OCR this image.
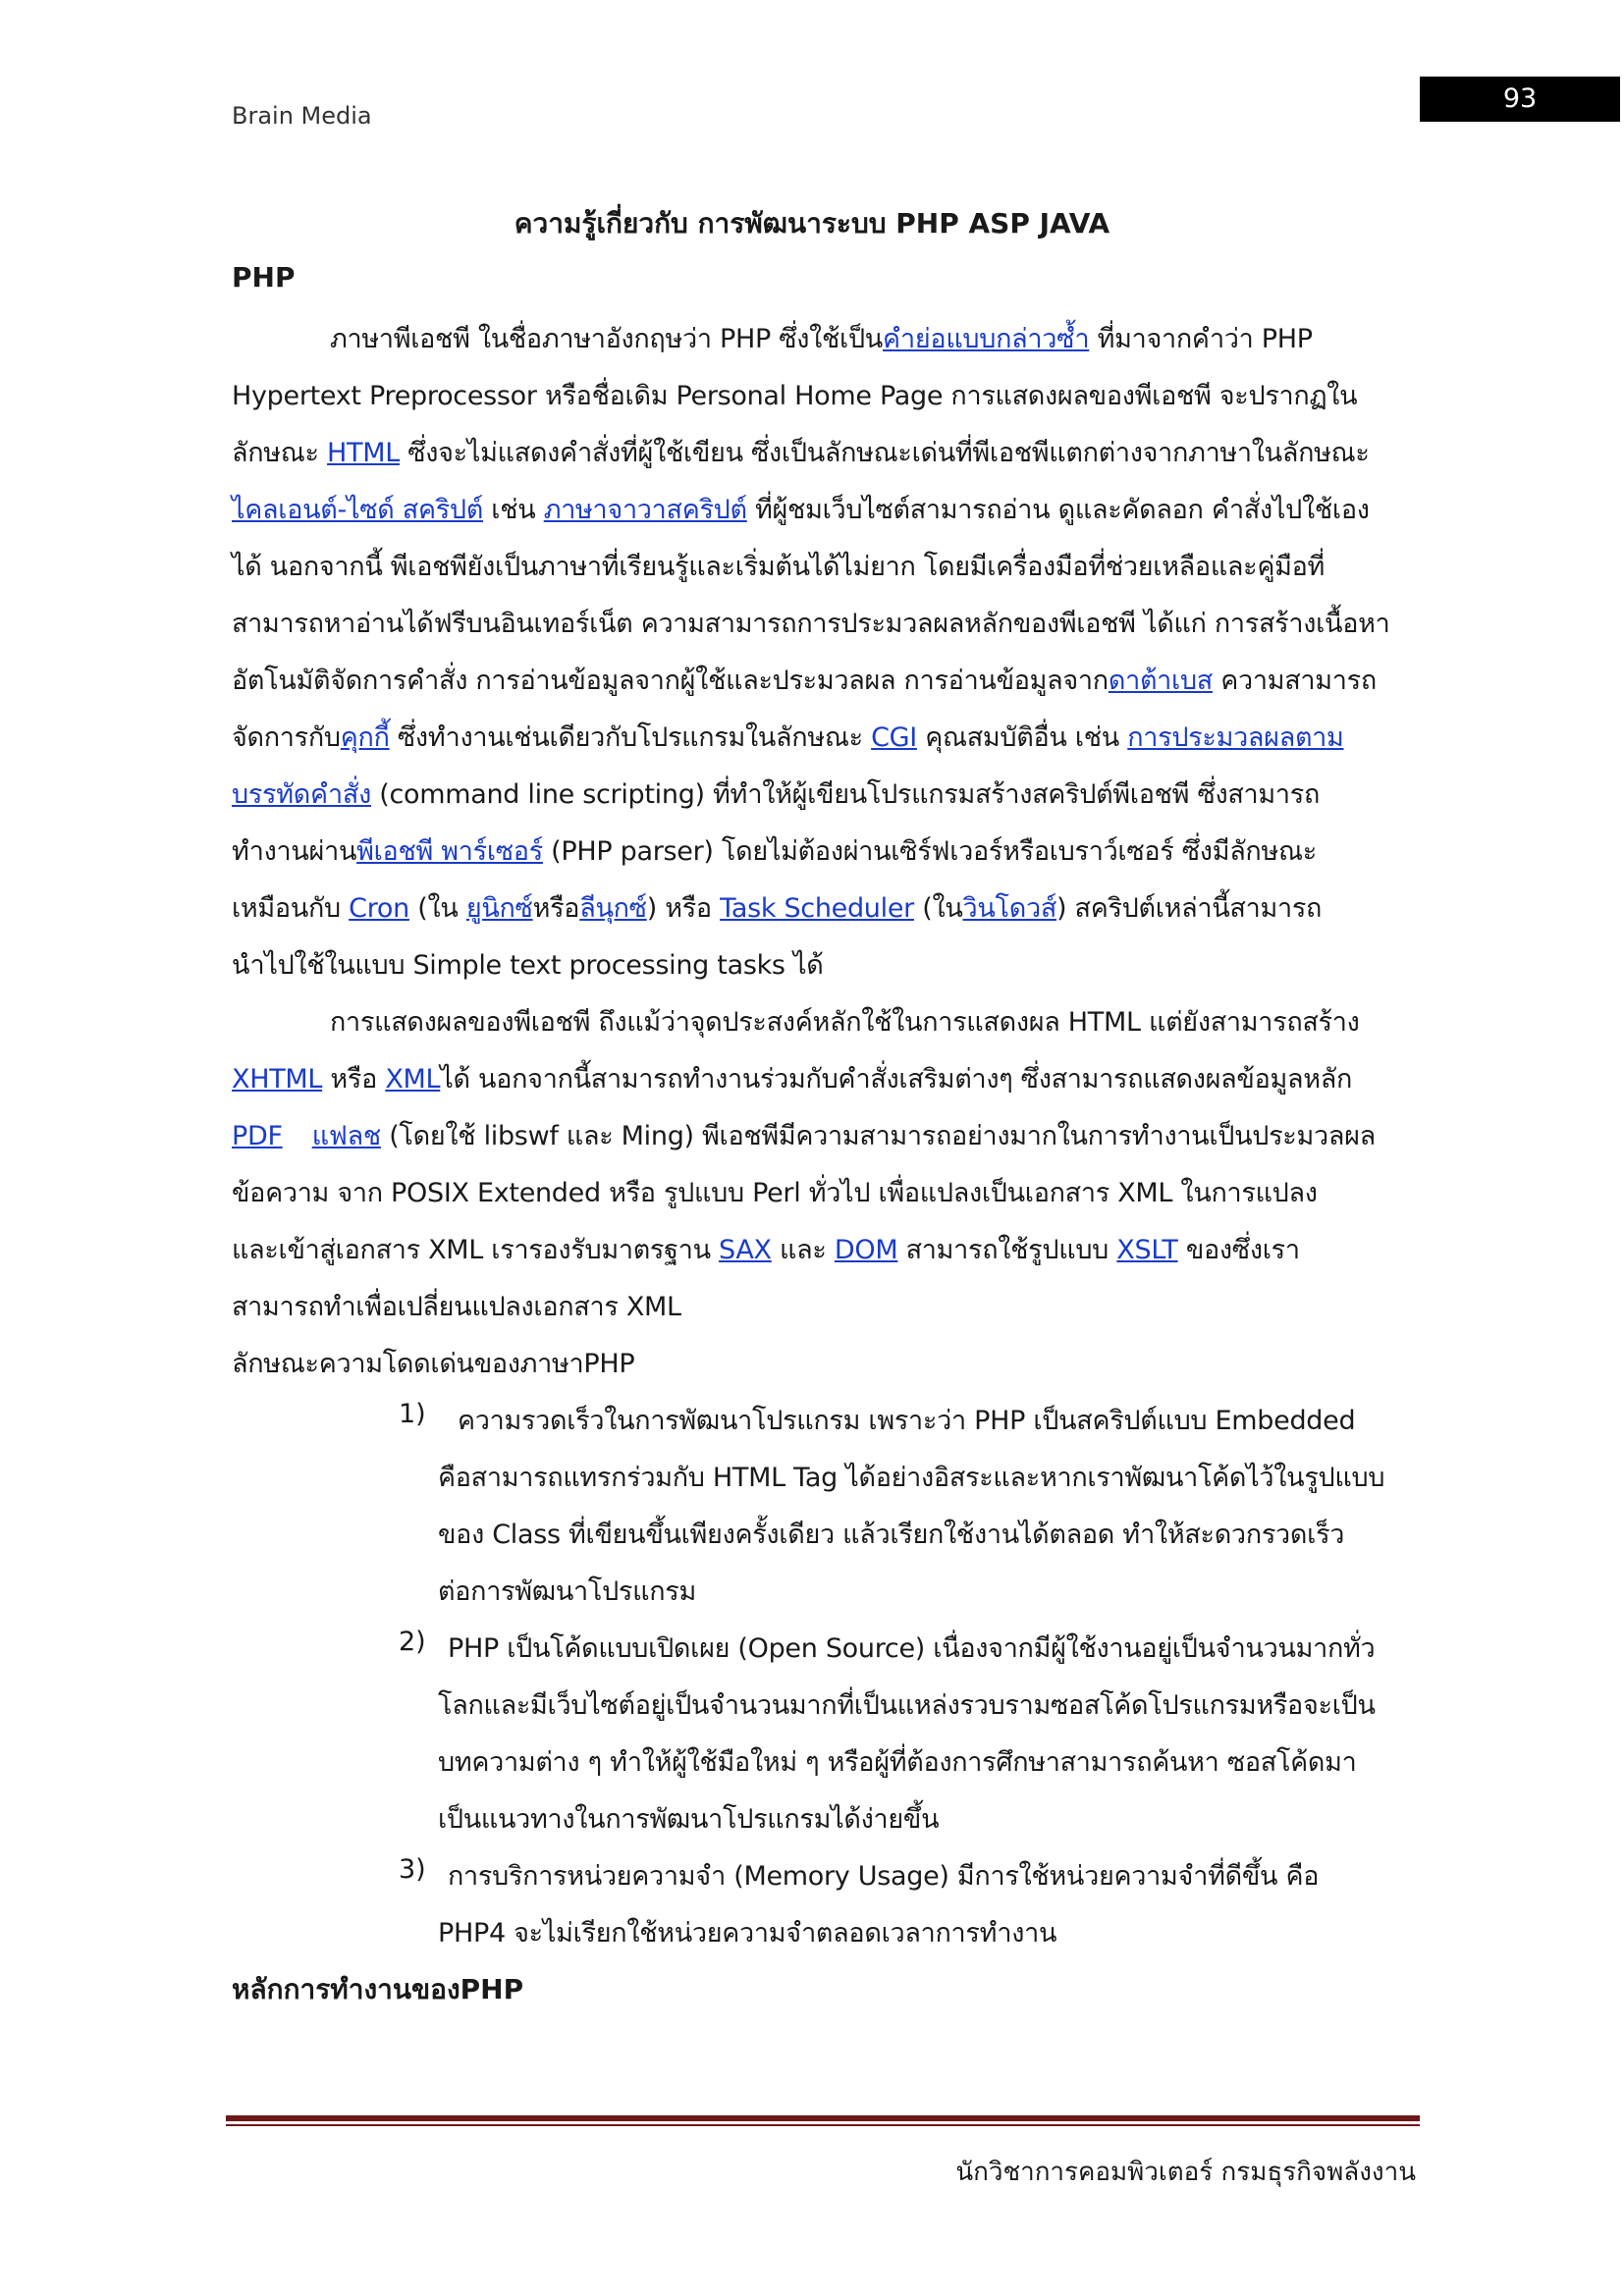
Brain Media
93
ความรู้เกี่ยวกับ การพัฒนาระบบ PHP ASP JAVA
PHP
ภาษาพีเอชพี ในชื่อภาษาอังกฤษว่า PHP ซึ่งใช้เป็นคำย่อแบบกล่าวซ้ำ ที่มาจากคำว่า PHP
Hypertext Preprocessor หรือชื่อเดิม Personal Home Page การแสดงผลของพีเอชพี จะปรากฏใน
ลักษณะ HTML ซึ่งจะไม่แสดงคำสั่งที่ผู้ใช้เขียน ซึ่งเป็นลักษณะเด่นที่พีเอชพีแตกต่างจากภาษาในลักษณะ
ไคลเอนต์-ไซด์ สคริปต์ เช่น ภาษาจาวาสคริปต์ ที่ผู้ชมเว็บไซต์สามารถอ่าน ดูและคัดลอก คำสั่งไปใช้เอง
ได้ นอกจากนี้ พีเอชพียังเป็นภาษาที่เรียนรู้และเริ่มต้นได้ไม่ยาก โดยมีเครื่องมือที่ช่วยเหลือและคู่มือที่
สามารถหาอ่านได้ฟรีบนอินเทอร์เน็ต ความสามารถการประมวลผลหลักของพีเอชพี ได้แก่ การสร้างเนื้อหา
อัตโนมัติจัดการคำสั่ง การอ่านข้อมูลจากผู้ใช้และประมวลผล การอ่านข้อมูลจากดาต้าเบส ความสามารถ
จัดการกับคุกกี้ ซึ่งทำงานเช่นเดียวกับโปรแกรมในลักษณะ CGI คุณสมบัติอื่น เช่น การประมวลผลตาม
บรรทัดคำสั่ง (command line scripting) ที่ทำให้ผู้เขียนโปรแกรมสร้างสคริปต์พีเอชพี ซึ่งสามารถ
ทำงานผ่านพีเอชพี พาร์เซอร์ (PHP parser) โดยไม่ต้องผ่านเซิร์ฟเวอร์หรือเบราว์เซอร์ ซึ่งมีลักษณะ
เหมือนกับ Cron (ใน ยูนิกซ์หรือลีนุกซ์) หรือ Task Scheduler (ในวินโดวส์) สคริปต์เหล่านี้สามารถ
นำไปใช้ในแบบ Simple text processing tasks ได้
การแสดงผลของพีเอชพี ถึงแม้ว่าจุดประสงค์หลักใช้ในการแสดงผล HTML แต่ยังสามารถสร้าง
XHTML หรือ XMLได้ นอกจากนี้สามารถทำงานร่วมกับคำสั่งเสริมต่างๆ ซึ่งสามารถแสดงผลข้อมูลหลัก
PDF แฟลช (โดยใช้ libswf และ Ming) พีเอชพีมีความสามารถอย่างมากในการทำงานเป็นประมวลผล
ข้อความ จาก POSIX Extended หรือ รูปแบบ Perl ทั่วไป เพื่อแปลงเป็นเอกสาร XML ในการแปลง
และเข้าสู่เอกสาร XML เรารองรับมาตรฐาน SAX และ DOM สามารถใช้รูปแบบ XSLT ของซึ่งเรา
สามารถทำเพื่อเปลี่ยนแปลงเอกสาร XML
ลักษณะความโดดเด่นของภาษาPHP
1) ความรวดเร็วในการพัฒนาโปรแกรม เพราะว่า PHP เป็นสคริปต์แบบ Embedded
คือสามารถแทรกร่วมกับ HTML Tag ได้อย่างอิสระและหากเราพัฒนาโค้ดไว้ในรูปแบบ
ของ Class ที่เขียนขึ้นเพียงครั้งเดียว แล้วเรียกใช้งานได้ตลอด ทำให้สะดวกรวดเร็ว
ต่อการพัฒนาโปรแกรม
2) PHP เป็นโค้ดแบบเปิดเผย (Open Source) เนื่องจากมีผู้ใช้งานอยู่เป็นจำนวนมากทั่ว
โลกและมีเว็บไซต์อยู่เป็นจำนวนมากที่เป็นแหล่งรวบรามซอสโค้ดโปรแกรมหรือจะเป็น
บทความต่าง ๆ ทำให้ผู้ใช้มือใหม่ ๆ หรือผู้ที่ต้องการศึกษาสามารถค้นหา ซอสโค้ดมา
เป็นแนวทางในการพัฒนาโปรแกรมได้ง่ายขึ้น
3) การบริการหน่วยความจำ (Memory Usage) มีการใช้หน่วยความจำที่ดีขึ้น คือ
PHP4 จะไม่เรียกใช้หน่วยความจำตลอดเวลาการทำงาน
หลักการทำงานของPHP
นักวิชาการคอมพิวเตอร์ กรมธุรกิจพลังงาน
